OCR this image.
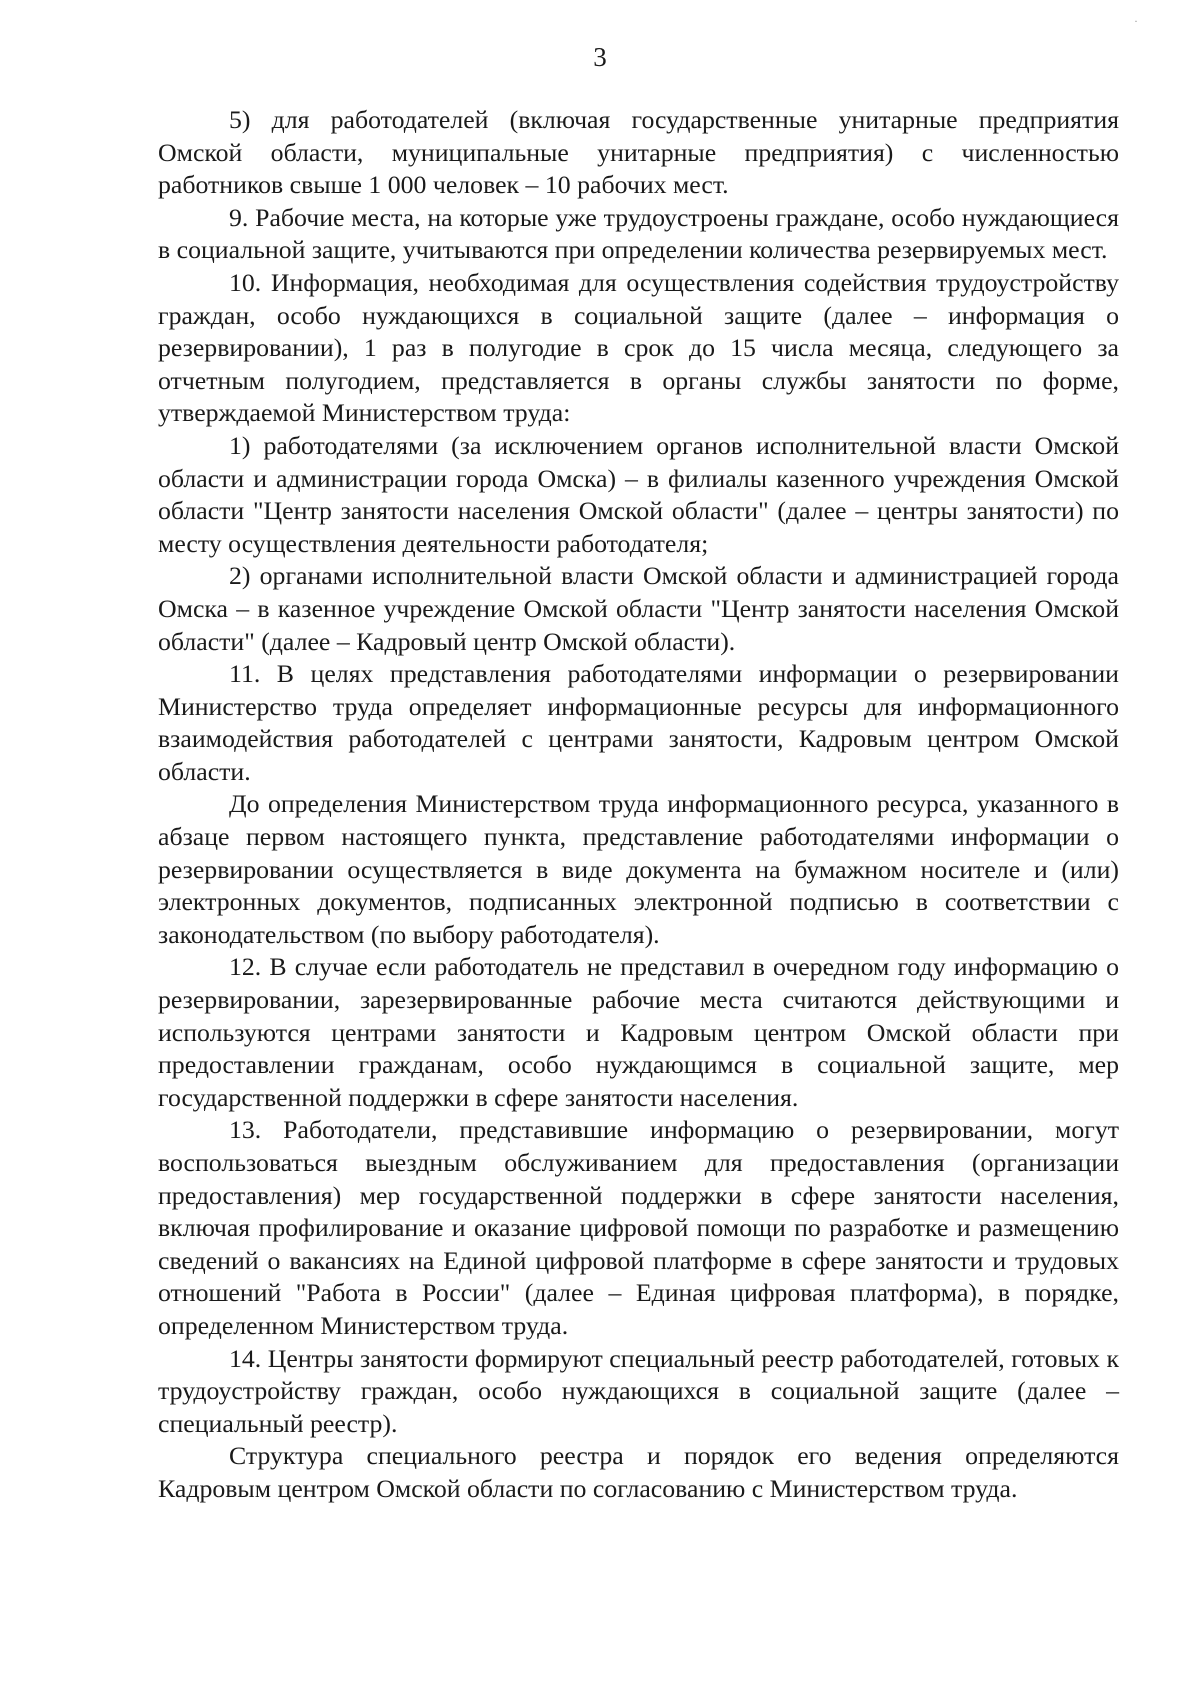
·
3

5) для работодателей (включая государственные унитарные предприятия Омской области, муниципальные унитарные предприятия) с численностью работников свыше 1 000 человек – 10 рабочих мест.

9. Рабочие места, на которые уже трудоустроены граждане, особо нуждающиеся в социальной защите, учитываются при определении количества резервируемых мест.

10. Информация, необходимая для осуществления содействия трудоустройству граждан, особо нуждающихся в социальной защите (далее – информация о резервировании), 1 раз в полугодие в срок до 15 числа месяца, следующего за отчетным полугодием, представляется в органы службы занятости по форме, утверждаемой Министерством труда:

1) работодателями (за исключением органов исполнительной власти Омской области и администрации города Омска) – в филиалы казенного учреждения Омской области "Центр занятости населения Омской области" (далее – центры занятости) по месту осуществления деятельности работодателя;

2) органами исполнительной власти Омской области и администрацией города Омска – в казенное учреждение Омской области "Центр занятости населения Омской области" (далее – Кадровый центр Омской области).

11. В целях представления работодателями информации о резервировании Министерство труда определяет информационные ресурсы для информационного взаимодействия работодателей с центрами занятости, Кадровым центром Омской области.

До определения Министерством труда информационного ресурса, указанного в абзаце первом настоящего пункта, представление работодателями информации о резервировании осуществляется в виде документа на бумажном носителе и (или) электронных документов, подписанных электронной подписью в соответствии с законодательством (по выбору работодателя).

12. В случае если работодатель не представил в очередном году информацию о резервировании, зарезервированные рабочие места считаются действующими и используются центрами занятости и Кадровым центром Омской области при предоставлении гражданам, особо нуждающимся в социальной защите, мер государственной поддержки в сфере занятости населения.

13. Работодатели, представившие информацию о резервировании, могут воспользоваться выездным обслуживанием для предоставления (организации предоставления) мер государственной поддержки в сфере занятости населения, включая профилирование и оказание цифровой помощи по разработке и размещению сведений о вакансиях на Единой цифровой платформе в сфере занятости и трудовых отношений "Работа в России" (далее – Единая цифровая платформа), в порядке, определенном Министерством труда.

14. Центры занятости формируют специальный реестр работодателей, готовых к трудоустройству граждан, особо нуждающихся в социальной защите (далее – специальный реестр).

Структура специального реестра и порядок его ведения определяются Кадровым центром Омской области по согласованию с Министерством труда.
